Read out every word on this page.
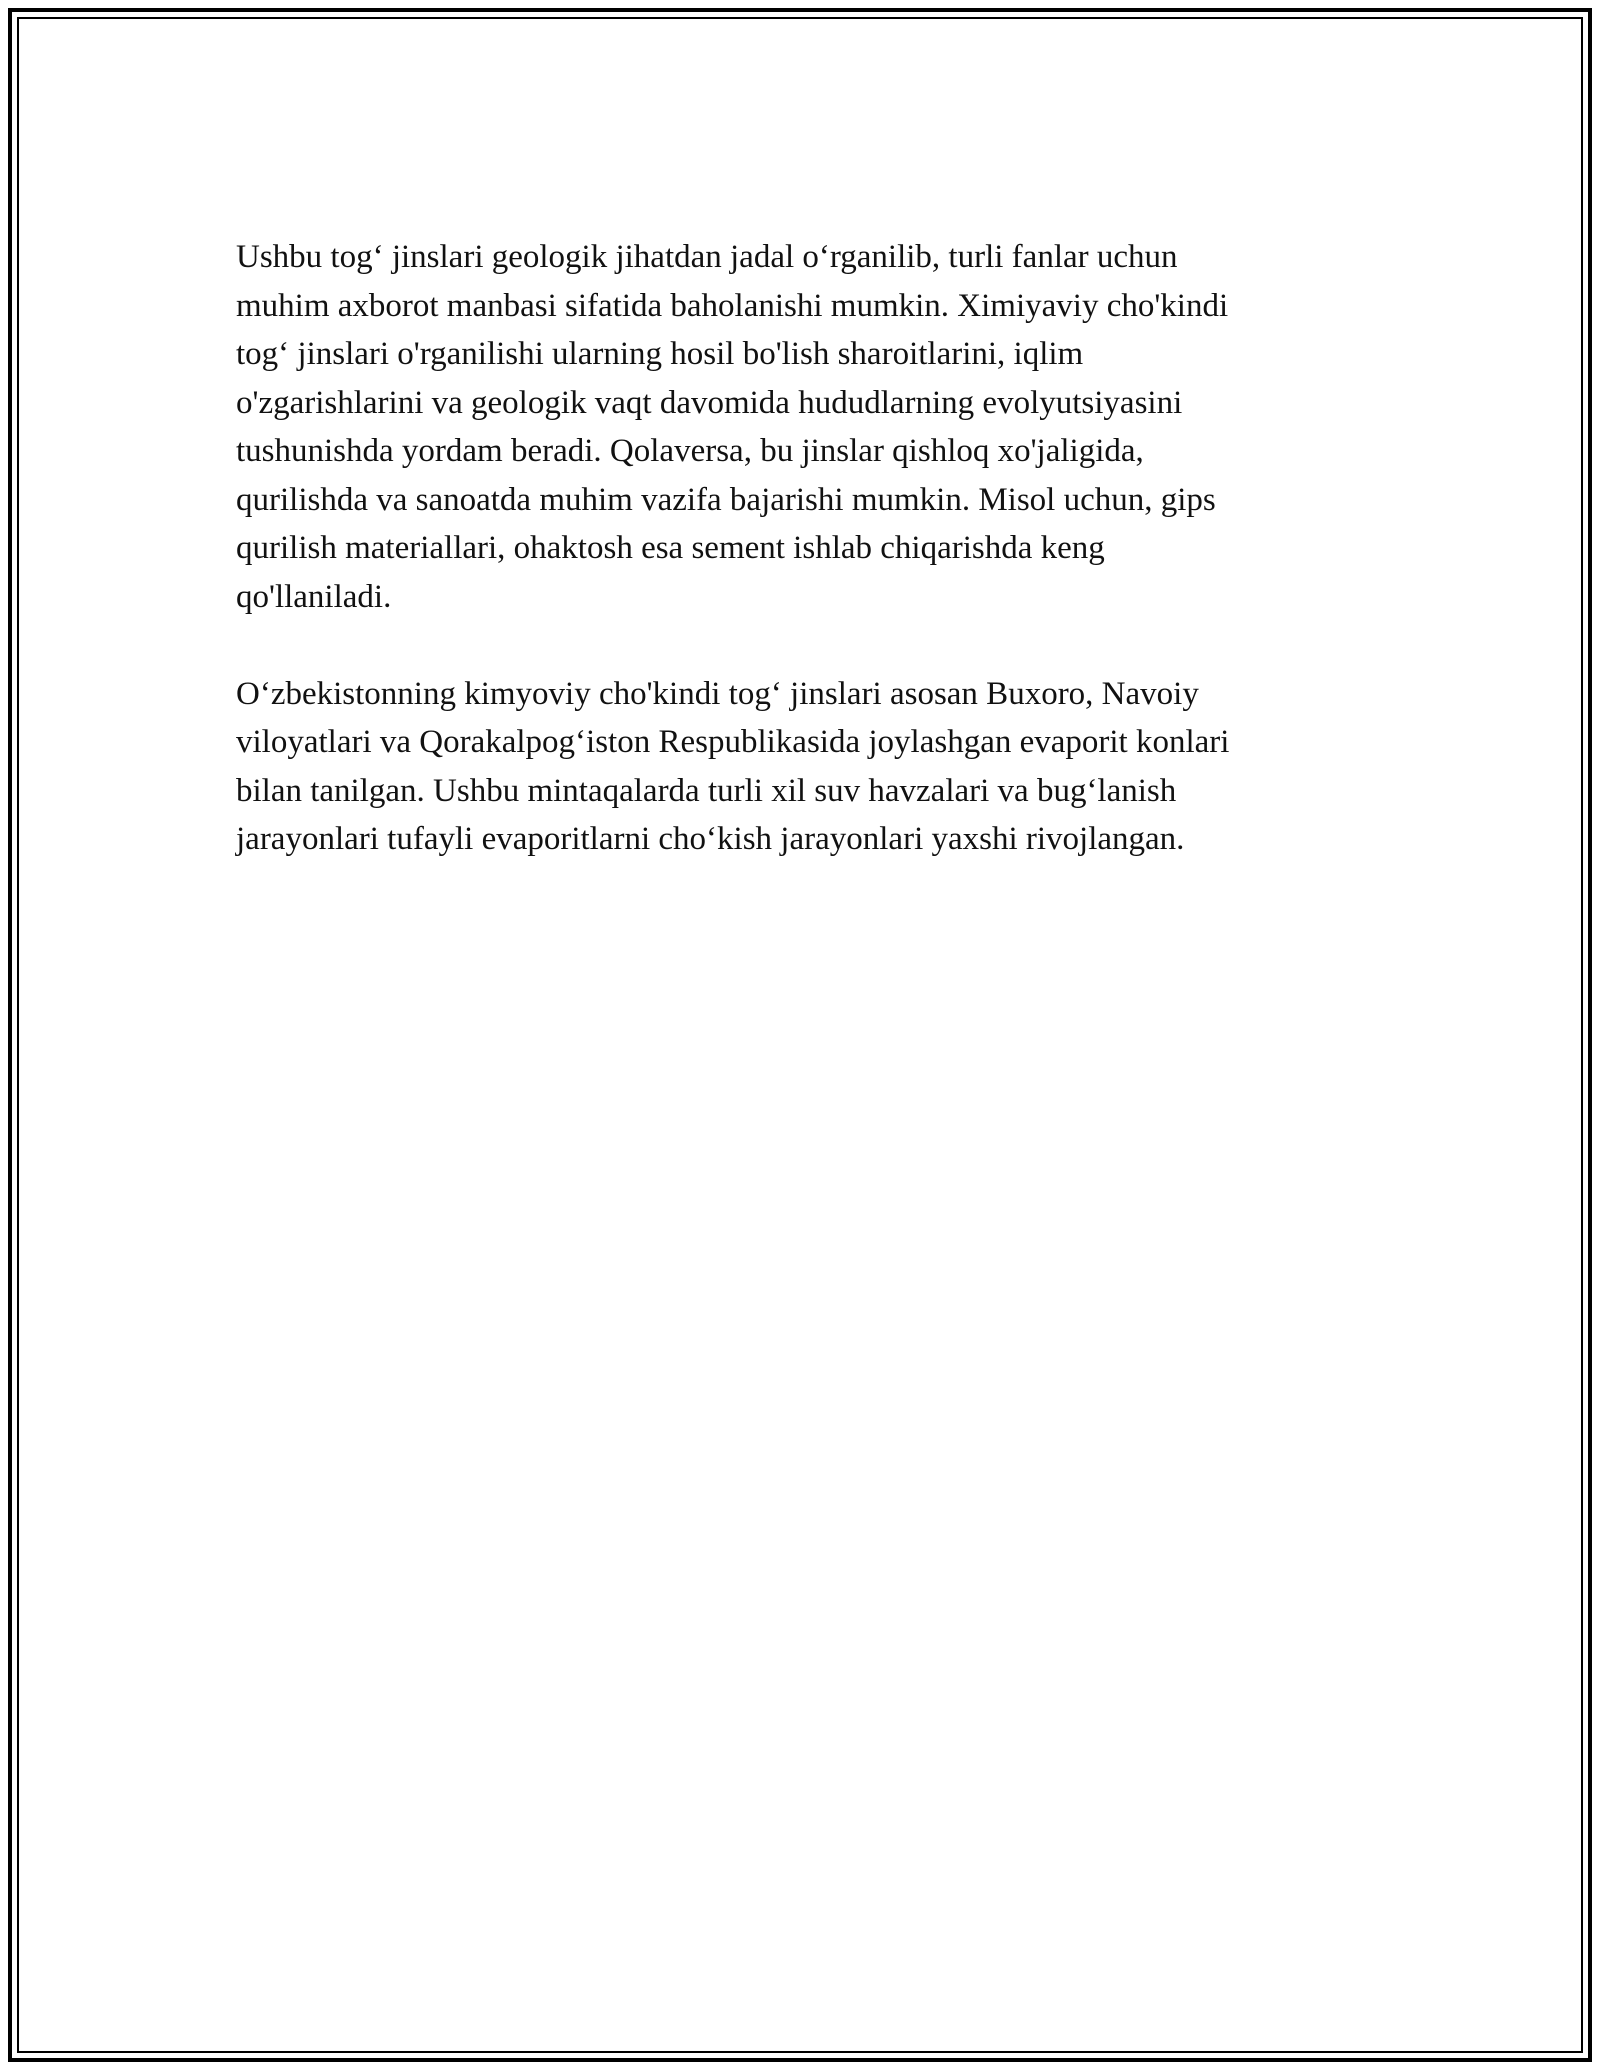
Ushbu tog‘ jinslari geologik jihatdan jadal o‘rganilib, turli fanlar uchun
muhim axborot manbasi sifatida baholanishi mumkin. Ximiyaviy cho'kindi
tog‘ jinslari o'rganilishi ularning hosil bo'lish sharoitlarini, iqlim
o'zgarishlarini va geologik vaqt davomida hududlarning evolyutsiyasini
tushunishda yordam beradi. Qolaversa, bu jinslar qishloq xo'jaligida,
qurilishda va sanoatda muhim vazifa bajarishi mumkin. Misol uchun, gips
qurilish materiallari, ohaktosh esa sement ishlab chiqarishda keng
qo'llaniladi.

O‘zbekistonning kimyoviy cho'kindi tog‘ jinslari asosan Buxoro, Navoiy
viloyatlari va Qorakalpog‘iston Respublikasida joylashgan evaporit konlari
bilan tanilgan. Ushbu mintaqalarda turli xil suv havzalari va bug‘lanish
jarayonlari tufayli evaporitlarni cho‘kish jarayonlari yaxshi rivojlangan.
